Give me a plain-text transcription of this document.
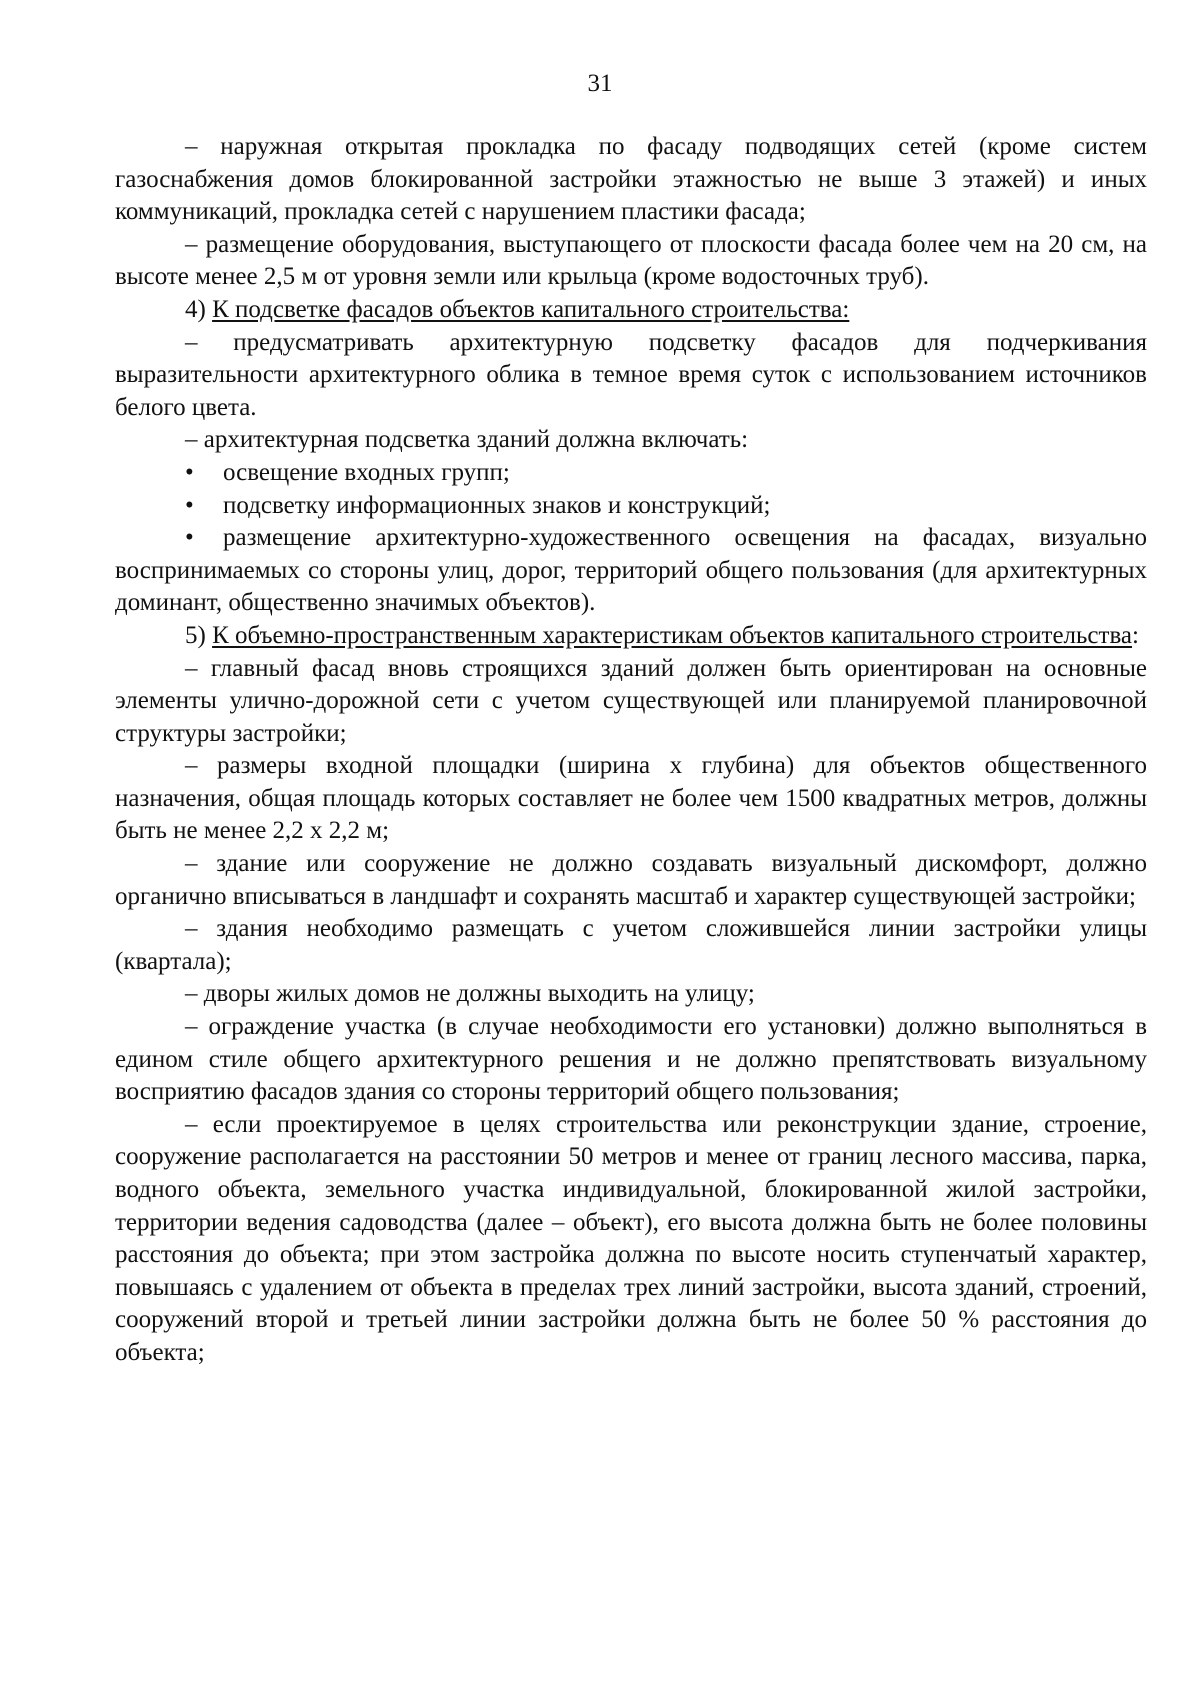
31

– наружная открытая прокладка по фасаду подводящих сетей (кроме систем газоснабжения домов блокированной застройки этажностью не выше 3 этажей) и иных коммуникаций, прокладка сетей с нарушением пластики фасада;

– размещение оборудования, выступающего от плоскости фасада более чем на 20 см, на высоте менее 2,5 м от уровня земли или крыльца (кроме водосточных труб).

4) К подсветке фасадов объектов капитального строительства:

– предусматривать архитектурную подсветку фасадов для подчеркивания выразительности архитектурного облика в темное время суток с использованием источников белого цвета.

– архитектурная подсветка зданий должна включать:

• освещение входных групп;

• подсветку информационных знаков и конструкций;

• размещение архитектурно-художественного освещения на фасадах, визуально воспринимаемых со стороны улиц, дорог, территорий общего пользования (для архитектурных доминант, общественно значимых объектов).

5) К объемно-пространственным характеристикам объектов капитального строительства:

– главный фасад вновь строящихся зданий должен быть ориентирован на основные элементы улично-дорожной сети с учетом существующей или планируемой планировочной структуры застройки;

– размеры входной площадки (ширина х глубина) для объектов общественного назначения, общая площадь которых составляет не более чем 1500 квадратных метров, должны быть не менее 2,2 х 2,2 м;

– здание или сооружение не должно создавать визуальный дискомфорт, должно органично вписываться в ландшафт и сохранять масштаб и характер существующей застройки;

– здания необходимо размещать с учетом сложившейся линии застройки улицы (квартала);

– дворы жилых домов не должны выходить на улицу;

– ограждение участка (в случае необходимости его установки) должно выполняться в едином стиле общего архитектурного решения и не должно препятствовать визуальному восприятию фасадов здания со стороны территорий общего пользования;

– если проектируемое в целях строительства или реконструкции здание, строение, сооружение располагается на расстоянии 50 метров и менее от границ лесного массива, парка, водного объекта, земельного участка индивидуальной, блокированной жилой застройки, территории ведения садоводства (далее – объект), его высота должна быть не более половины расстояния до объекта; при этом застройка должна по высоте носить ступенчатый характер, повышаясь с удалением от объекта в пределах трех линий застройки, высота зданий, строений, сооружений второй и третьей линии застройки должна быть не более 50 % расстояния до объекта;
